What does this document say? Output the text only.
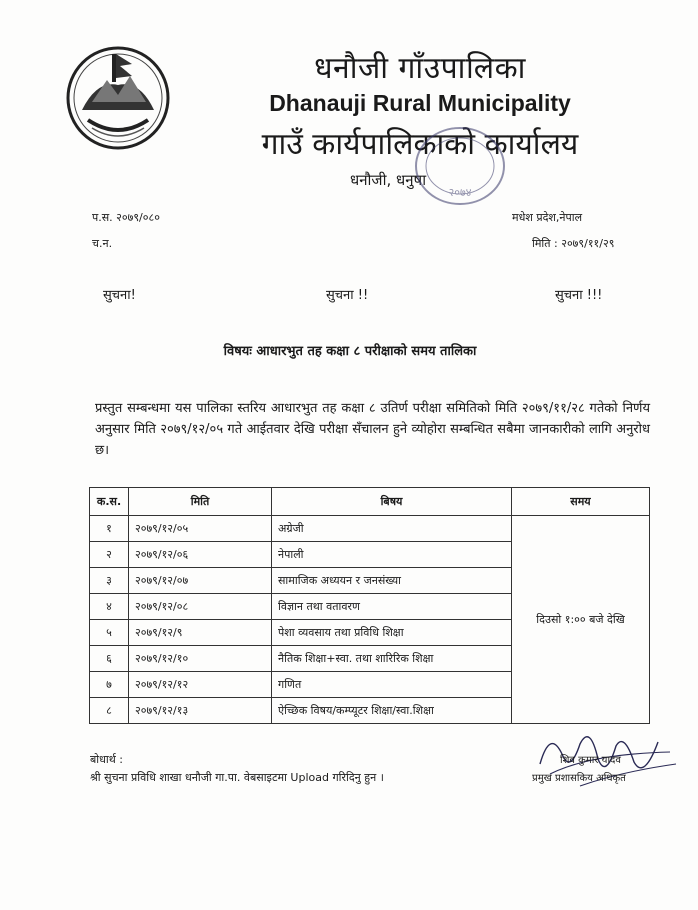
धनौजी गाँउपालिका
Dhanauji Rural Municipality
गाउँ कार्यपालिकाको कार्यालय
धनौजी, धनुषा
२०७४
प.स. २०७९/०८०
च.न.
मधेश प्रदेश,नेपाल
मिति : २०७९/११/२९
सुचना!	सुचना !!	सुचना !!!
विषयः आधारभुत तह कक्षा ८ परीक्षाको समय तालिका
प्रस्तुत सम्बन्धमा यस पालिका स्तरिय आधारभुत तह कक्षा ८ उतिर्ण परीक्षा समितिको मिति २०७९/११/२८ गतेको निर्णय अनुसार मिति २०७९/१२/०५ गते आईतवार देखि परीक्षा सँचालन हुने व्योहोरा सम्बन्धित सबैमा जानकारीको लागि अनुरोध छ।
क.स.	मिति	बिषय	समय
१	२०७९/१२/०५	अग्रेजी	दिउसो १:०० बजे देखि
२	२०७९/१२/०६	नेपाली	
३	२०७९/१२/०७	सामाजिक अध्ययन र जनसंख्या	
४	२०७९/१२/०८	विज्ञान तथा वतावरण	
५	२०७९/१२/९	पेशा व्यवसाय तथा प्रविधि शिक्षा	
६	२०७९/१२/१०	नैतिक शिक्षा+स्वा. तथा शारिरिक शिक्षा	
७	२०७९/१२/१२	गणित	
८	२०७९/१२/१३	ऐच्छिक विषय/कम्प्यूटर शिक्षा/स्वा.शिक्षा	
बोधार्थ :
श्री सुचना प्रविधि शाखा धनौजी गा.पा. वेबसाइटमा Upload गरिदिनु हुन ।
शिव कुमार यादव
प्रमुख प्रशासकिय अधिकृत
